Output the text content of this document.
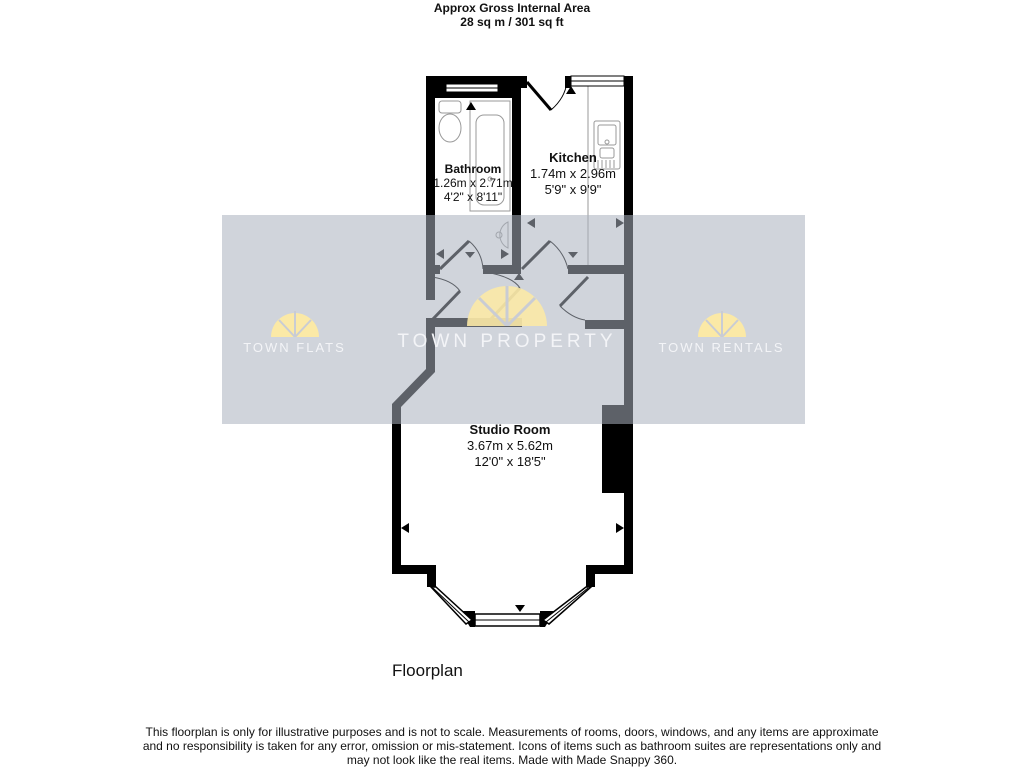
Approx Gross Internal Area
28 sq m / 301 sq ft
TOWN FLATS	TOWN PROPERTY	TOWN RENTALS
Bathroom
1.26m x 2.71m
4'2" x 8'11"
Kitchen
1.74m x 2.96m
5'9" x 9'9"
Studio Room
3.67m x 5.62m
12'0" x 18'5"
Floorplan
This floorplan is only for illustrative purposes and is not to scale. Measurements of rooms, doors, windows, and any items are approximate and no responsibility is taken for any error, omission or mis-statement. Icons of items such as bathroom suites are representations only and may not look like the real items. Made with Made Snappy 360.
